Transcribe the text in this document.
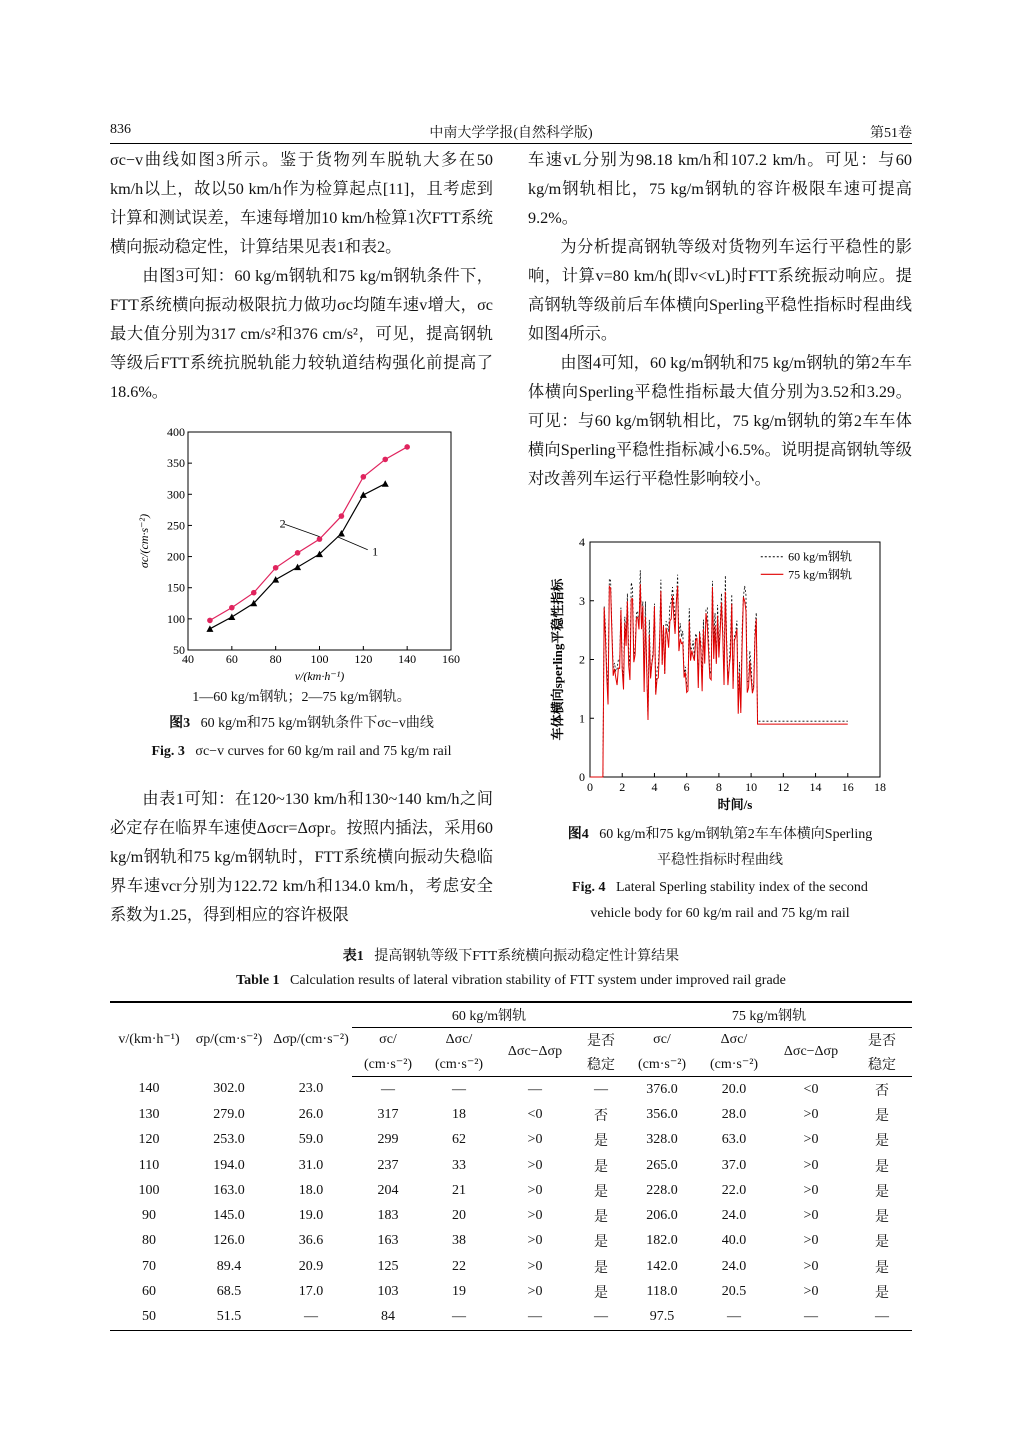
836	中南大学学报(自然科学版)	第51卷

σc−v曲线如图3所示。鉴于货物列车脱轨大多在50 km/h以上，故以50 km/h作为检算起点[11]，且考虑到计算和测试误差，车速每增加10 km/h检算1次FTT系统横向振动稳定性，计算结果见表1和表2。

由图3可知：60 kg/m钢轨和75 kg/m钢轨条件下，FTT系统横向振动极限抗力做功σc均随车速v增大，σc最大值分别为317 cm/s²和376 cm/s²，可见，提高钢轨等级后FTT系统抗脱轨能力较轨道结构强化前提高了18.6%。

40	60	80 100 120 140 160
50
100
150
200
250
300
350
400
v/(km·h⁻¹)
σc/(cm·s⁻²)	2
1
1—60 kg/m钢轨；2—75 kg/m钢轨。
图3 60 kg/m和75 kg/m钢轨条件下σc−v曲线
Fig. 3 σc−v curves for 60 kg/m rail and 75 kg/m rail

由表1可知：在120~130 km/h和130~140 km/h之间必定存在临界车速使Δσcr=Δσpr。按照内插法，采用60 kg/m钢轨和75 kg/m钢轨时，FTT系统横向振动失稳临界车速vcr分别为122.72 km/h和134.0 km/h，考虑安全系数为1.25，得到相应的容许极限

车速vL分别为98.18 km/h和107.2 km/h。可见：与60 kg/m钢轨相比，75 kg/m钢轨的容许极限车速可提高9.2%。

为分析提高钢轨等级对货物列车运行平稳性的影响，计算v=80 km/h(即v<vL)时FTT系统振动响应。提高钢轨等级前后车体横向Sperling平稳性指标时程曲线如图4所示。

由图4可知，60 kg/m钢轨和75 kg/m钢轨的第2车车体横向Sperling平稳性指标最大值分别为3.52和3.29。可见：与60 kg/m钢轨相比，75 kg/m钢轨的第2车车体横向Sperling平稳性指标减小6.5%。说明提高钢轨等级对改善列车运行平稳性影响较小。

0 2 4 6 8 10 12 14 16 18
0
1
2
3
4
时间/s
车体横向sperling平稳性指标
60 kg/m钢轨
75 kg/m钢轨
图4 60 kg/m和75 kg/m钢轨第2车车体横向Sperling
平稳性指标时程曲线
Fig. 4 Lateral Sperling stability index of the second
vehicle body for 60 kg/m rail and 75 kg/m rail
表1 提高钢轨等级下FTT系统横向振动稳定性计算结果
Table 1 Calculation results of lateral vibration stability of FTT system under improved rail grade
v/(km·h⁻¹)	σp/(cm·s⁻²)	Δσp/(cm·s⁻²)	60 kg/m钢轨				75 kg/m钢轨			
			σc/	Δσc/	Δσc−Δσp	是否	σc/	Δσc/	Δσc−Δσp	是否
			(cm·s⁻²)	(cm·s⁻²)		稳定	(cm·s⁻²)	(cm·s⁻²)		稳定
140	302.0	23.0	—	—	—	—	376.0	20.0	<0	否
130	279.0	26.0	317	18	<0	否	356.0	28.0	>0	是
120	253.0	59.0	299	62	>0	是	328.0	63.0	>0	是
110	194.0	31.0	237	33	>0	是	265.0	37.0	>0	是
100	163.0	18.0	204	21	>0	是	228.0	22.0	>0	是
90	145.0	19.0	183	20	>0	是	206.0	24.0	>0	是
80	126.0	36.6	163	38	>0	是	182.0	40.0	>0	是
70	89.4	20.9	125	22	>0	是	142.0	24.0	>0	是
60	68.5	17.0	103	19	>0	是	118.0	20.5	>0	是
50	51.5	—	84	—	—	—	97.5	—	—	—
